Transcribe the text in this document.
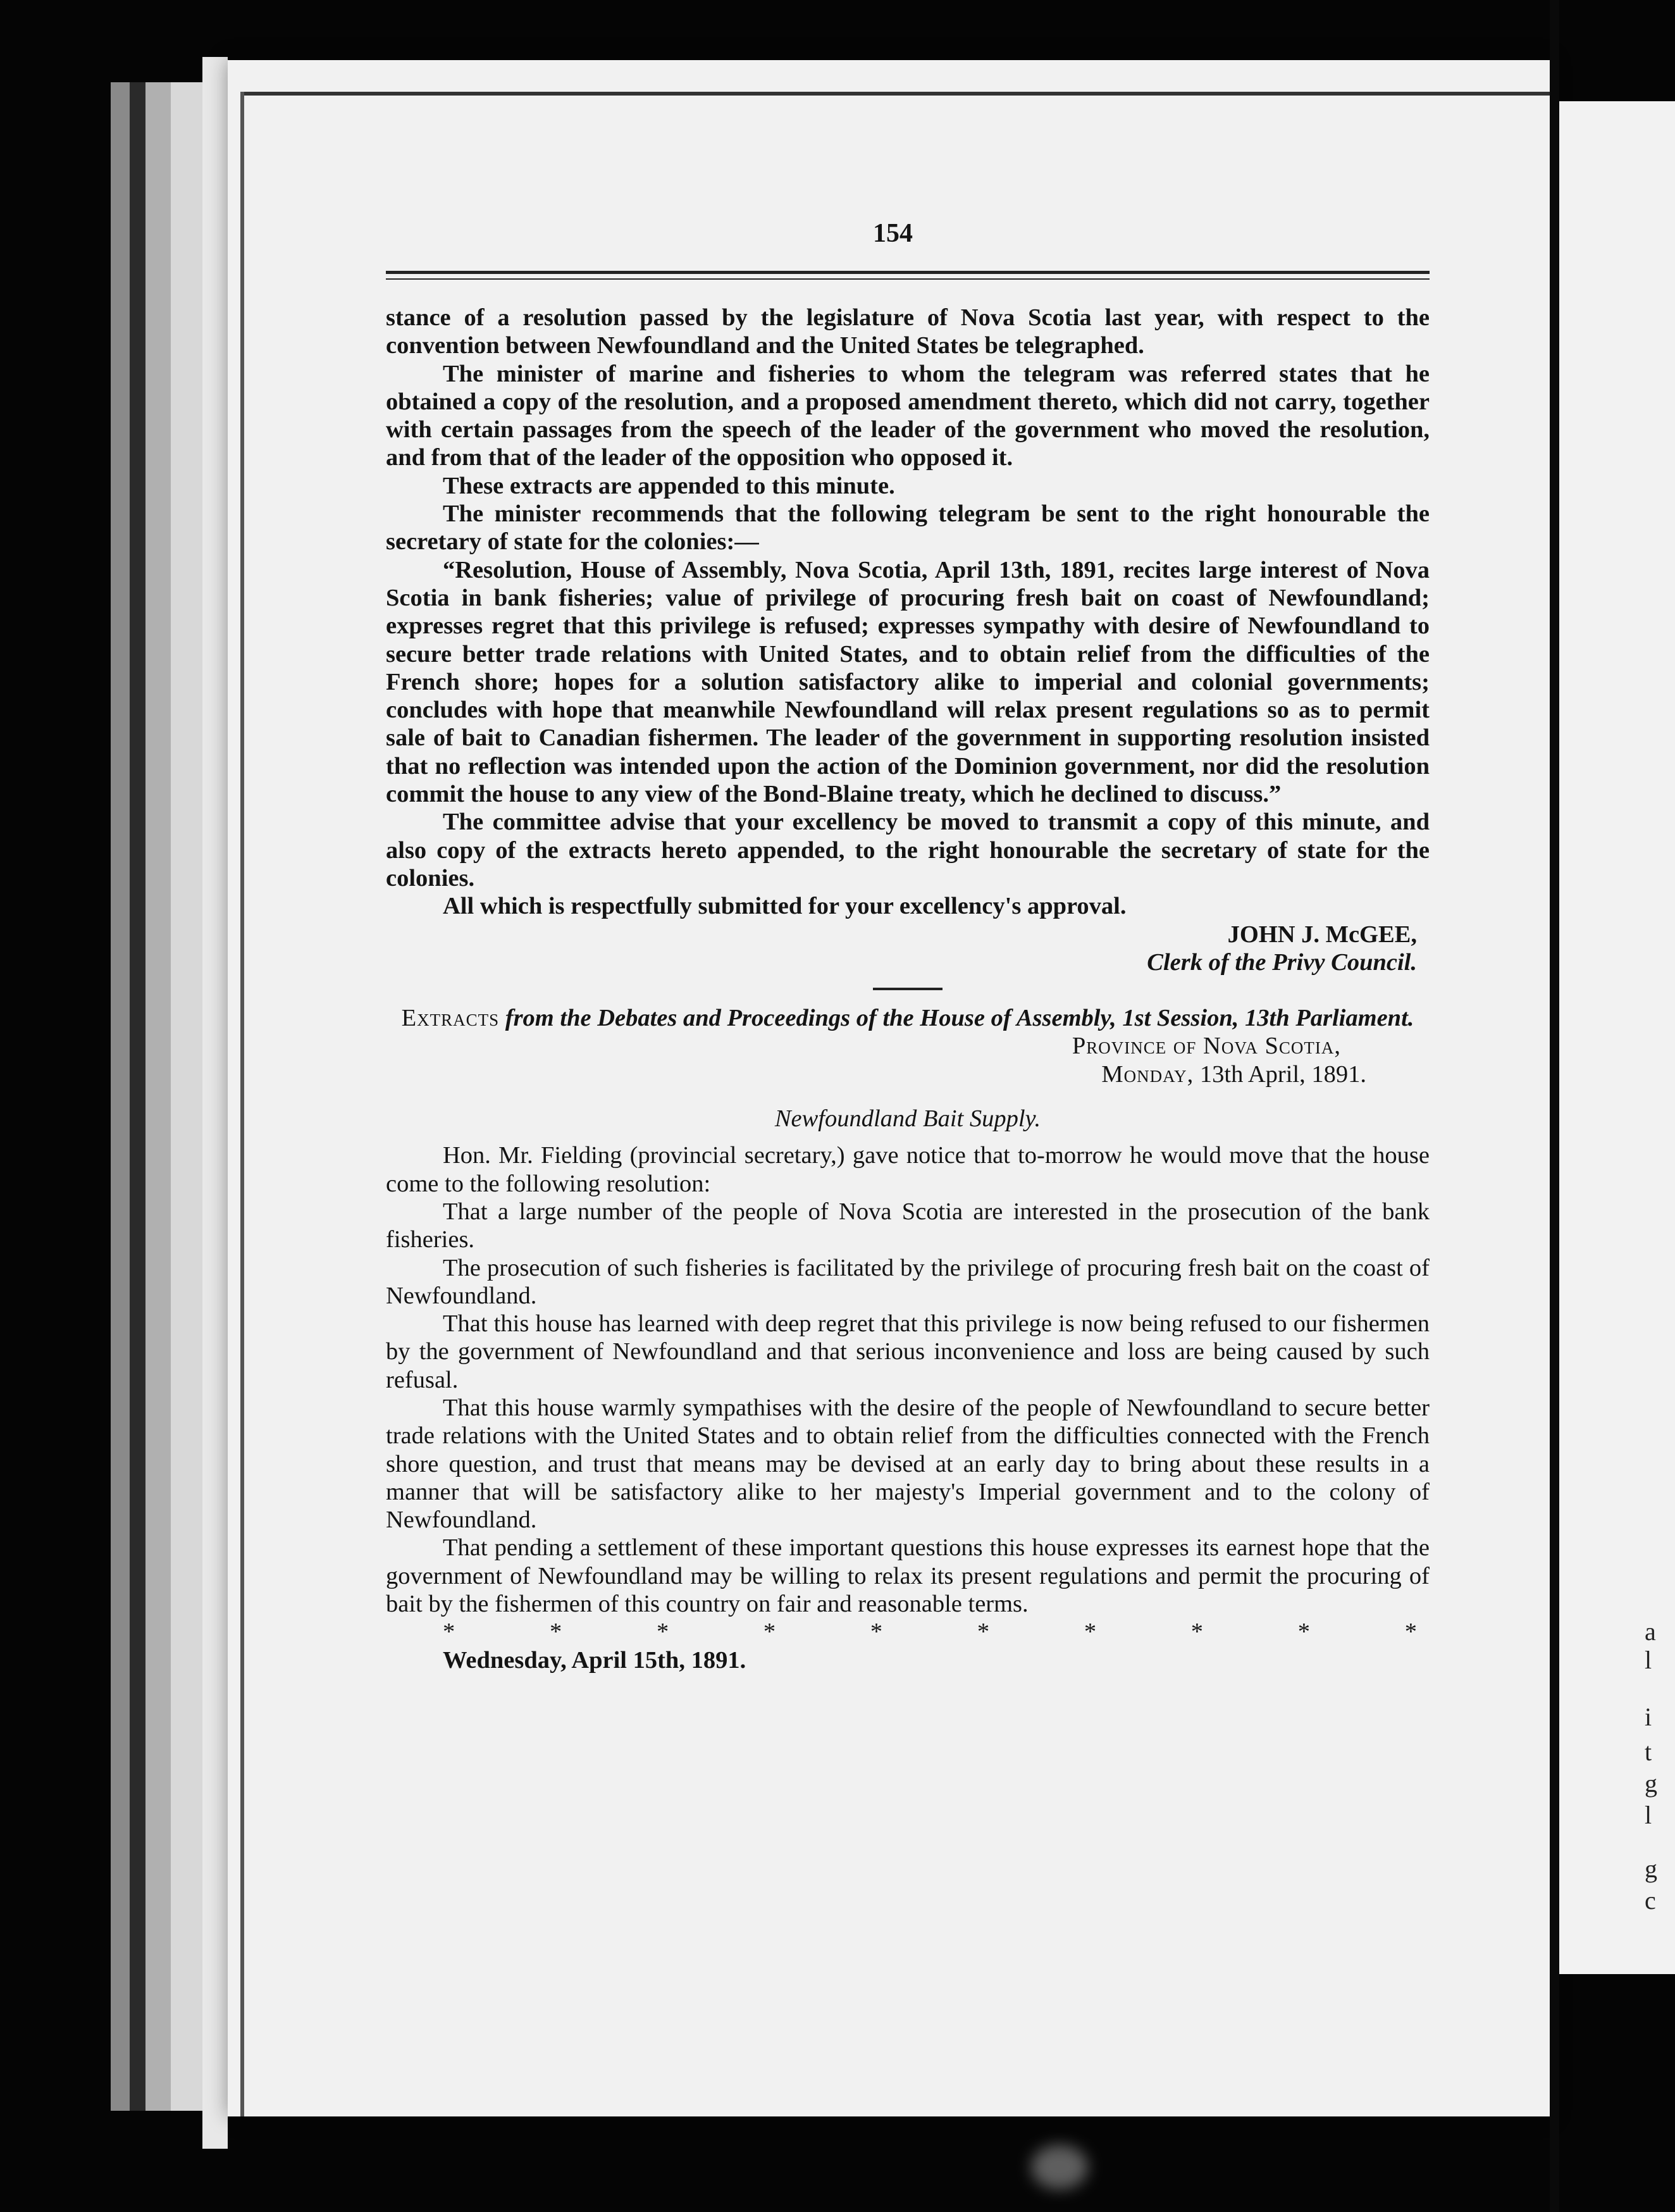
a
l
i
t
g
l
g
c
154

stance of a resolution passed by the legislature of Nova Scotia last year, with respect to the convention between Newfoundland and the United States be telegraphed.

The minister of marine and fisheries to whom the telegram was referred states that he obtained a copy of the resolution, and a proposed amendment thereto, which did not carry, together with certain passages from the speech of the leader of the government who moved the resolution, and from that of the leader of the opposition who opposed it.

These extracts are appended to this minute.

The minister recommends that the following telegram be sent to the right honourable the secretary of state for the colonies:—

“Resolution, House of Assembly, Nova Scotia, April 13th, 1891, recites large interest of Nova Scotia in bank fisheries; value of privilege of procuring fresh bait on coast of Newfoundland; expresses regret that this privilege is refused; expresses sympathy with desire of Newfoundland to secure better trade relations with United States, and to obtain relief from the difficulties of the French shore; hopes for a solution satisfactory alike to imperial and colonial governments; concludes with hope that meanwhile Newfoundland will relax present regulations so as to permit sale of bait to Canadian fishermen. The leader of the government in supporting resolution insisted that no reflection was intended upon the action of the Dominion government, nor did the resolution commit the house to any view of the Bond-Blaine treaty, which he declined to discuss.”

The committee advise that your excellency be moved to transmit a copy of this minute, and also copy of the extracts hereto appended, to the right honourable the secretary of state for the colonies.

All which is respectfully submitted for your excellency's approval.

JOHN J. McGEE,

Clerk of the Privy Council.

Extracts from the Debates and Proceedings of the House of Assembly, 1st Session, 13th Parliament.

Province of Nova Scotia,

Monday, 13th April, 1891.

Newfoundland Bait Supply.

Hon. Mr. Fielding (provincial secretary,) gave notice that to-morrow he would move that the house come to the following resolution:

That a large number of the people of Nova Scotia are interested in the prosecution of the bank fisheries.

The prosecution of such fisheries is facilitated by the privilege of procuring fresh bait on the coast of Newfoundland.

That this house has learned with deep regret that this privilege is now being refused to our fishermen by the government of Newfoundland and that serious inconvenience and loss are being caused by such refusal.

That this house warmly sympathises with the desire of the people of Newfoundland to secure better trade relations with the United States and to obtain relief from the difficulties connected with the French shore question, and trust that means may be devised at an early day to bring about these results in a manner that will be satisfactory alike to her majesty's Imperial government and to the colony of Newfoundland.

That pending a settlement of these important questions this house expresses its earnest hope that the government of Newfoundland may be willing to relax its present regulations and permit the procuring of bait by the fishermen of this country on fair and reasonable terms.

*	*	*	*	*	*	*	*	*	*

Wednesday, April 15th, 1891.
